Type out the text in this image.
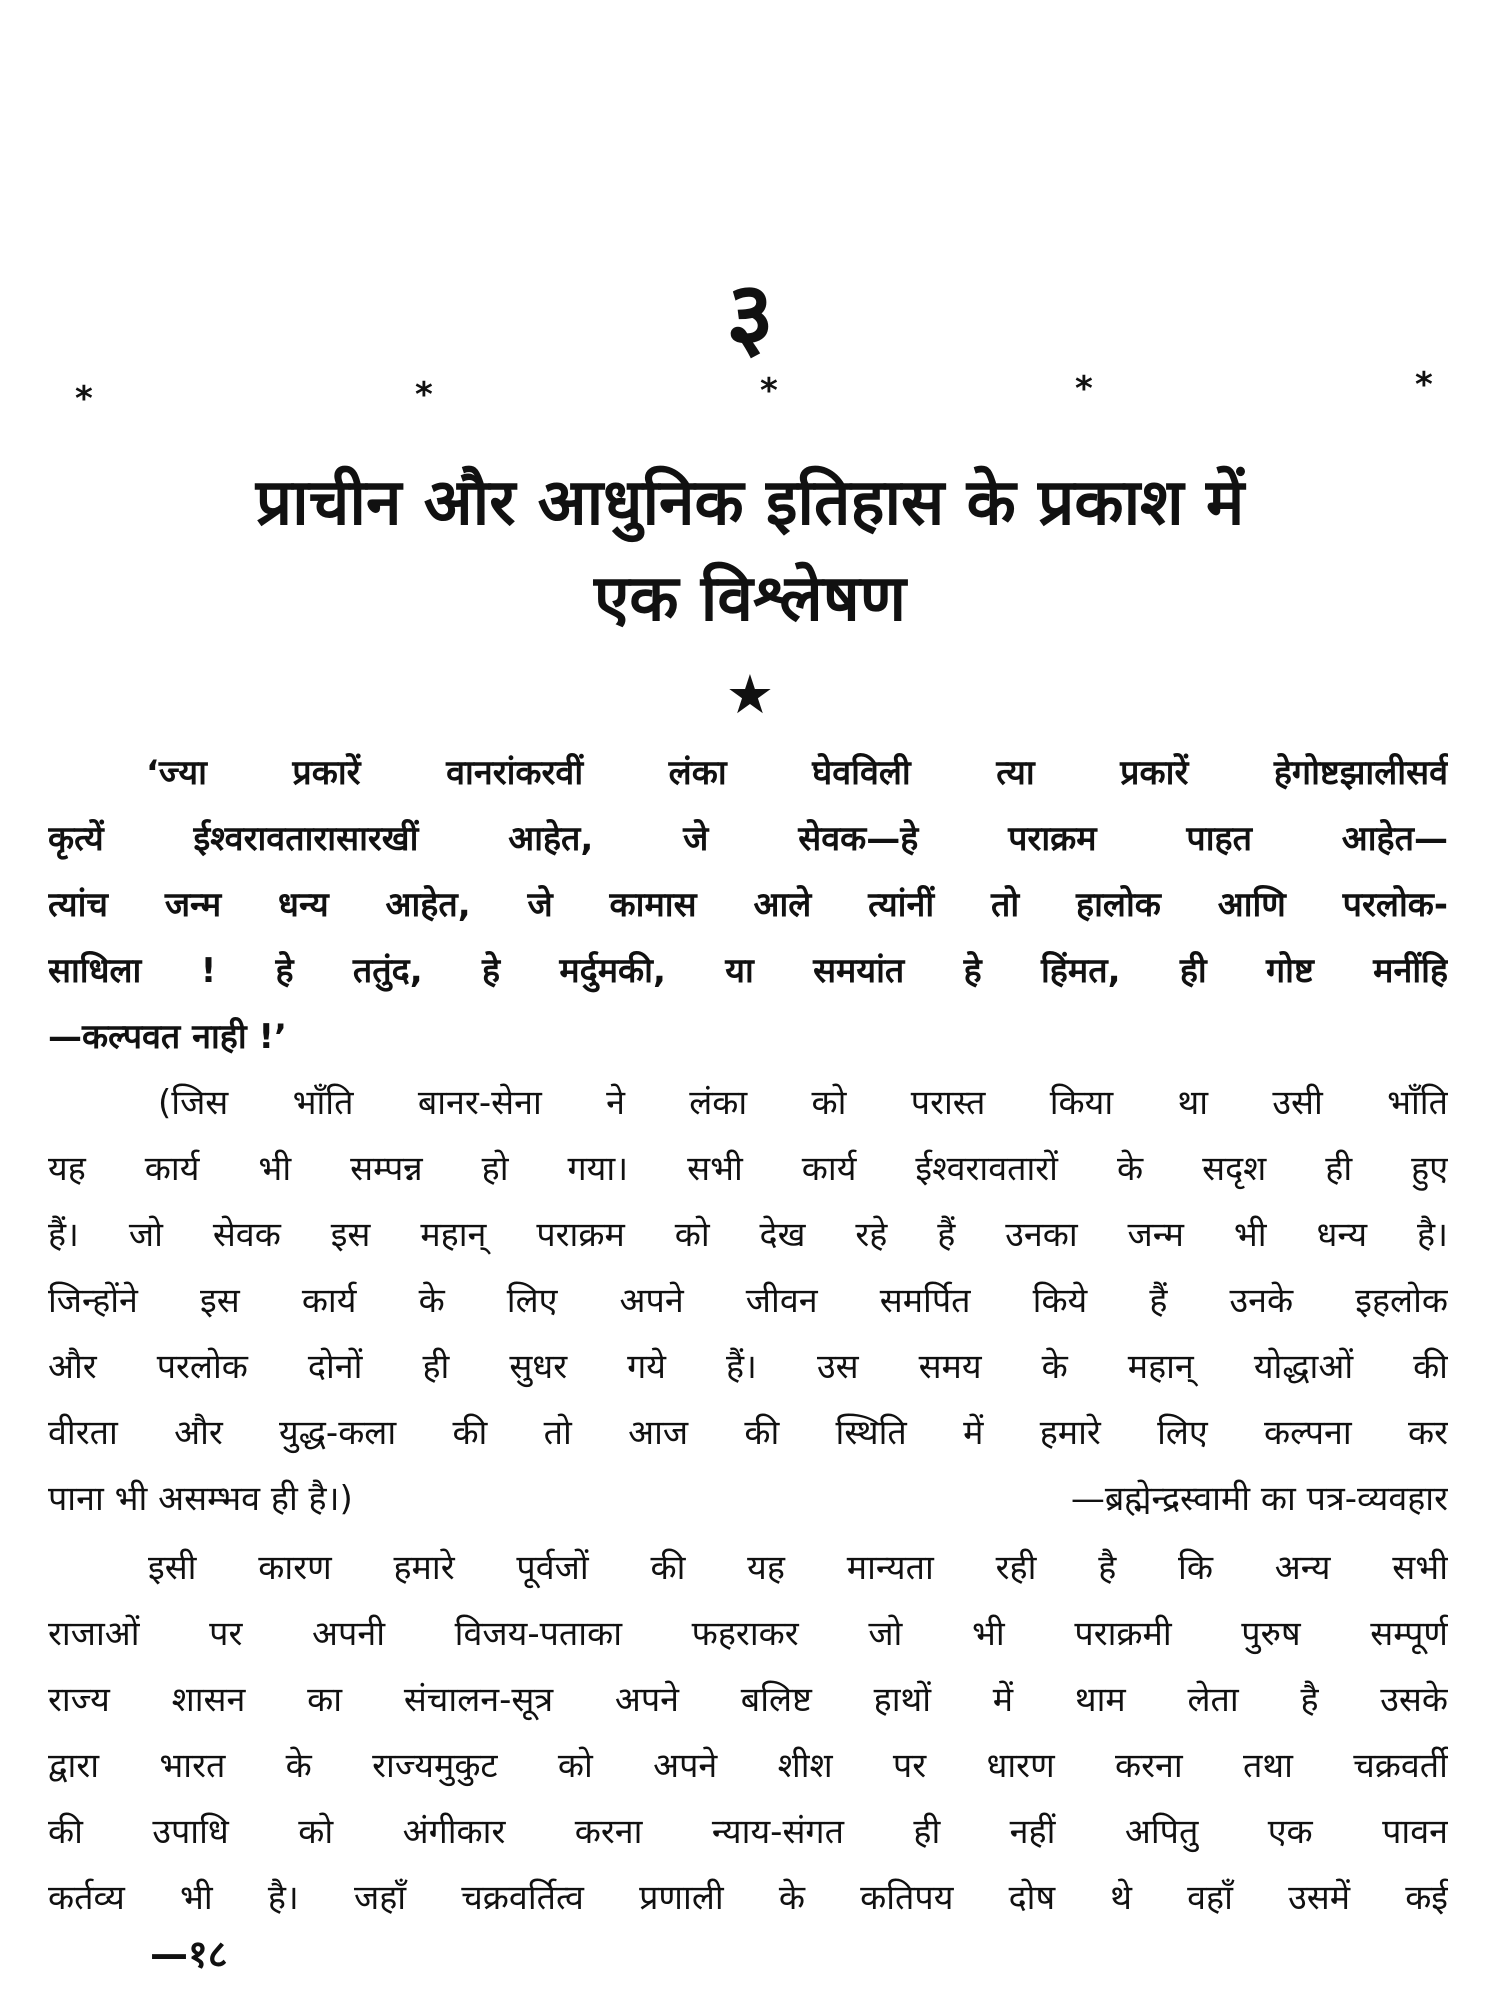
३
*	*	*	*	*
प्राचीन और आधुनिक इतिहास के प्रकाश में
एक विश्लेषण
★
‘ज्या प्रकारें वानरांकरवीं लंका घेवविली त्या प्रकारें हेगोष्टझालीसर्व
कृत्यें ईश्वरावतारासारखीं आहेत, जे सेवक—हे पराक्रम पाहत आहेत—
त्यांच जन्म धन्य आहेत, जे कामास आले त्यांनीं तो हालोक आणि परलोक-
साधिला ! हे ततुंद, हे मर्दुमकी, या समयांत हे हिंमत, ही गोष्ट मनींहि
—कल्पवत नाही !’
(जिस भाँति बानर-सेना ने लंका को परास्त किया था उसी भाँति
यह कार्य भी सम्पन्न हो गया। सभी कार्य ईश्वरावतारों के सदृश ही हुए
हैं। जो सेवक इस महान् पराक्रम को देख रहे हैं उनका जन्म भी धन्य है।
जिन्होंने इस कार्य के लिए अपने जीवन समर्पित किये हैं उनके इहलोक
और परलोक दोनों ही सुधर गये हैं। उस समय के महान् योद्धाओं की
वीरता और युद्ध-कला की तो आज की स्थिति में हमारे लिए कल्पना कर
पाना भी असम्भव ही है।)	—ब्रह्मेन्द्रस्वामी का पत्र-व्यवहार
इसी कारण हमारे पूर्वजों की यह मान्यता रही है कि अन्य सभी
राजाओं पर अपनी विजय-पताका फहराकर जो भी पराक्रमी पुरुष सम्पूर्ण
राज्य शासन का संचालन-सूत्र अपने बलिष्ट हाथों में थाम लेता है उसके
द्वारा भारत के राज्यमुकुट को अपने शीश पर धारण करना तथा चक्रवर्ती
की उपाधि को अंगीकार करना न्याय-संगत ही नहीं अपितु एक पावन
कर्तव्य भी है। जहाँ चक्रवर्तित्व प्रणाली के कतिपय दोष थे वहाँ उसमें कई
—१८
